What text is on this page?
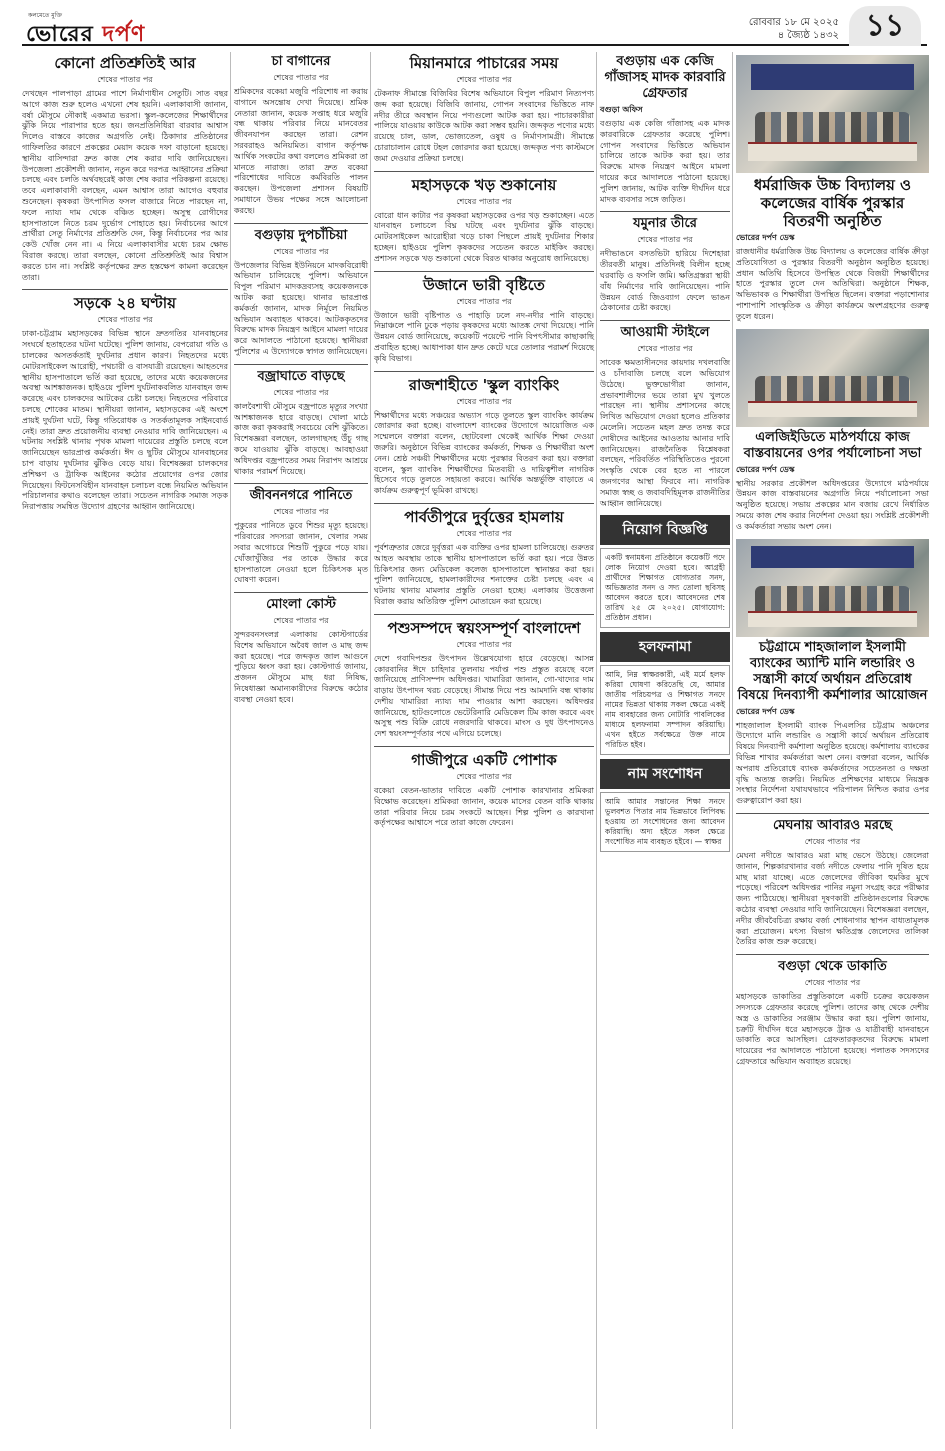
কলমেতে মুক্তি
ভোরের দর্পণ	রোববার ১৮ মে ২০২৫
৪ জ্যৈষ্ঠ ১৪৩২ ১১
কোনো প্রতিশ্রুতিই আর
শেষের পাতার পর
দেখছেন পালপাড়া গ্রামের পাশে নির্মাণাধীন সেতুটি। সাত বছর আগে কাজ শুরু হলেও এখনো শেষ হয়নি। এলাকাবাসী জানান, বর্ষা মৌসুমে নৌকাই একমাত্র ভরসা। স্কুল-কলেজের শিক্ষার্থীদের ঝুঁকি নিয়ে পারাপার হতে হয়। জনপ্রতিনিধিরা বারবার আশ্বাস দিলেও বাস্তবে কাজের অগ্রগতি নেই। ঠিকাদার প্রতিষ্ঠানের গাফিলতির কারণে প্রকল্পের মেয়াদ কয়েক দফা বাড়ানো হয়েছে। স্থানীয় বাসিন্দারা দ্রুত কাজ শেষ করার দাবি জানিয়েছেন। উপজেলা প্রকৌশলী জানান, নতুন করে দরপত্র আহ্বানের প্রক্রিয়া চলছে এবং চলতি অর্থবছরেই কাজ শেষ করার পরিকল্পনা রয়েছে। তবে এলাকাবাসী বলছেন, এমন আশ্বাস তারা আগেও বহুবার শুনেছেন। কৃষকরা উৎপাদিত ফসল বাজারে নিতে পারছেন না, ফলে ন্যায্য দাম থেকে বঞ্চিত হচ্ছেন। অসুস্থ রোগীদের হাসপাতালে নিতে চরম দুর্ভোগ পোহাতে হয়। নির্বাচনের আগে প্রার্থীরা সেতু নির্মাণের প্রতিশ্রুতি দেন, কিন্তু নির্বাচনের পর আর কেউ খোঁজ নেন না। এ নিয়ে এলাকাবাসীর মধ্যে চরম ক্ষোভ বিরাজ করছে। তারা বলছেন, কোনো প্রতিশ্রুতিই আর বিশ্বাস করতে চান না। সংশ্লিষ্ট কর্তৃপক্ষের দ্রুত হস্তক্ষেপ কামনা করেছেন তারা।
সড়কে ২৪ ঘণ্টায়
শেষের পাতার পর
ঢাকা-চট্টগ্রাম মহাসড়কের বিভিন্ন স্থানে দ্রুতগতির যানবাহনের সংঘর্ষে হতাহতের ঘটনা ঘটেছে। পুলিশ জানায়, বেপরোয়া গতি ও চালকের অসতর্কতাই দুর্ঘটনার প্রধান কারণ। নিহতদের মধ্যে মোটরসাইকেল আরোহী, পথচারী ও বাসযাত্রী রয়েছেন। আহতদের স্থানীয় হাসপাতালে ভর্তি করা হয়েছে, তাদের মধ্যে কয়েকজনের অবস্থা আশঙ্কাজনক। হাইওয়ে পুলিশ দুর্ঘটনাকবলিত যানবাহন জব্দ করেছে এবং চালকদের আটকের চেষ্টা চলছে। নিহতদের পরিবারে চলছে শোকের মাতম। স্থানীয়রা জানান, মহাসড়কের এই অংশে প্রায়ই দুর্ঘটনা ঘটে, কিন্তু গতিরোধক ও সতর্কতামূলক সাইনবোর্ড নেই। তারা দ্রুত প্রয়োজনীয় ব্যবস্থা নেওয়ার দাবি জানিয়েছেন। এ ঘটনায় সংশ্লিষ্ট থানায় পৃথক মামলা দায়েরের প্রস্তুতি চলছে বলে জানিয়েছেন ভারপ্রাপ্ত কর্মকর্তা। ঈদ ও ছুটির মৌসুমে যানবাহনের চাপ বাড়ায় দুর্ঘটনার ঝুঁকিও বেড়ে যায়। বিশেষজ্ঞরা চালকদের প্রশিক্ষণ ও ট্রাফিক আইনের কঠোর প্রয়োগের ওপর জোর দিয়েছেন। ফিটনেসবিহীন যানবাহন চলাচল বন্ধে নিয়মিত অভিযান পরিচালনার কথাও বলেছেন তারা। সচেতন নাগরিক সমাজ সড়ক নিরাপত্তায় সমন্বিত উদ্যোগ গ্রহণের আহ্বান জানিয়েছে।
চা বাগানের
শেষের পাতার পর
শ্রমিকদের বকেয়া মজুরি পরিশোধ না করায় বাগানে অসন্তোষ দেখা দিয়েছে। শ্রমিক নেতারা জানান, কয়েক সপ্তাহ ধরে মজুরি বন্ধ থাকায় পরিবার নিয়ে মানবেতর জীবনযাপন করছেন তারা। রেশন সরবরাহও অনিয়মিত। বাগান কর্তৃপক্ষ আর্থিক সংকটের কথা বললেও শ্রমিকরা তা মানতে নারাজ। তারা দ্রুত বকেয়া পরিশোধের দাবিতে কর্মবিরতি পালন করছেন। উপজেলা প্রশাসন বিষয়টি সমাধানে উভয় পক্ষের সঙ্গে আলোচনা করছে।
বগুড়ায় দুপচাঁচিয়া
শেষের পাতার পর
উপজেলার বিভিন্ন ইউনিয়নে মাদকবিরোধী অভিযান চালিয়েছে পুলিশ। অভিযানে বিপুল পরিমাণ মাদকদ্রব্যসহ কয়েকজনকে আটক করা হয়েছে। থানার ভারপ্রাপ্ত কর্মকর্তা জানান, মাদক নির্মূলে নিয়মিত অভিযান অব্যাহত থাকবে। আটককৃতদের বিরুদ্ধে মাদক নিয়ন্ত্রণ আইনে মামলা দায়ের করে আদালতে পাঠানো হয়েছে। স্থানীয়রা পুলিশের এ উদ্যোগকে স্বাগত জানিয়েছেন।
বজ্রাঘাতে বাড়ছে
শেষের পাতার পর
কালবৈশাখী মৌসুমে বজ্রপাতে মৃত্যুর সংখ্যা আশঙ্কাজনক হারে বাড়ছে। খোলা মাঠে কাজ করা কৃষকরাই সবচেয়ে বেশি ঝুঁকিতে। বিশেষজ্ঞরা বলছেন, তালগাছসহ উঁচু গাছ কমে যাওয়ায় ঝুঁকি বাড়ছে। আবহাওয়া অধিদপ্তর বজ্রপাতের সময় নিরাপদ আশ্রয়ে থাকার পরামর্শ দিয়েছে।
জীবননগরে পানিতে
শেষের পাতার পর
পুকুরের পানিতে ডুবে শিশুর মৃত্যু হয়েছে। পরিবারের সদস্যরা জানান, খেলার সময় সবার অগোচরে শিশুটি পুকুরে পড়ে যায়। খোঁজাখুঁজির পর তাকে উদ্ধার করে হাসপাতালে নেওয়া হলে চিকিৎসক মৃত ঘোষণা করেন।
মোংলা কোস্ট
শেষের পাতার পর
সুন্দরবনসংলগ্ন এলাকায় কোস্টগার্ডের বিশেষ অভিযানে অবৈধ জাল ও মাছ জব্দ করা হয়েছে। পরে জব্দকৃত জাল আগুনে পুড়িয়ে ধ্বংস করা হয়। কোস্টগার্ড জানায়, প্রজনন মৌসুমে মাছ ধরা নিষিদ্ধ, নিষেধাজ্ঞা অমান্যকারীদের বিরুদ্ধে কঠোর ব্যবস্থা নেওয়া হবে।
মিয়ানমারে পাচারের সময়
শেষের পাতার পর
টেকনাফ সীমান্তে বিজিবির বিশেষ অভিযানে বিপুল পরিমাণ নিত্যপণ্য জব্দ করা হয়েছে। বিজিবি জানায়, গোপন সংবাদের ভিত্তিতে নাফ নদীর তীরে অবস্থান নিয়ে পণ্যগুলো আটক করা হয়। পাচারকারীরা পালিয়ে যাওয়ায় কাউকে আটক করা সম্ভব হয়নি। জব্দকৃত পণ্যের মধ্যে রয়েছে চাল, ডাল, ভোজ্যতেল, ওষুধ ও নির্মাণসামগ্রী। সীমান্তে চোরাচালান রোধে টহল জোরদার করা হয়েছে। জব্দকৃত পণ্য কাস্টমসে জমা দেওয়ার প্রক্রিয়া চলছে।
মহাসড়কে খড় শুকানোয়
শেষের পাতার পর
বোরো ধান কাটার পর কৃষকরা মহাসড়কের ওপর খড় শুকাচ্ছেন। এতে যানবাহন চলাচলে বিঘ্ন ঘটছে এবং দুর্ঘটনার ঝুঁকি বাড়ছে। মোটরসাইকেল আরোহীরা খড়ে চাকা পিছলে প্রায়ই দুর্ঘটনার শিকার হচ্ছেন। হাইওয়ে পুলিশ কৃষকদের সচেতন করতে মাইকিং করছে। প্রশাসন সড়কে খড় শুকানো থেকে বিরত থাকার অনুরোধ জানিয়েছে।
উজানে ভারী বৃষ্টিতে
শেষের পাতার পর
উজানে ভারী বৃষ্টিপাত ও পাহাড়ি ঢলে নদ-নদীর পানি বাড়ছে। নিম্নাঞ্চলে পানি ঢুকে পড়ায় কৃষকদের মধ্যে আতঙ্ক দেখা দিয়েছে। পানি উন্নয়ন বোর্ড জানিয়েছে, কয়েকটি পয়েন্টে পানি বিপৎসীমার কাছাকাছি প্রবাহিত হচ্ছে। আধাপাকা ধান দ্রুত কেটে ঘরে তোলার পরামর্শ দিয়েছে কৃষি বিভাগ।
রাজশাহীতে 'স্কুল ব্যাংকিং
শেষের পাতার পর
শিক্ষার্থীদের মধ্যে সঞ্চয়ের অভ্যাস গড়ে তুলতে স্কুল ব্যাংকিং কার্যক্রম জোরদার করা হচ্ছে। বাংলাদেশ ব্যাংকের উদ্যোগে আয়োজিত এক সম্মেলনে বক্তারা বলেন, ছোটবেলা থেকেই আর্থিক শিক্ষা দেওয়া জরুরি। অনুষ্ঠানে বিভিন্ন ব্যাংকের কর্মকর্তা, শিক্ষক ও শিক্ষার্থীরা অংশ নেন। শ্রেষ্ঠ সঞ্চয়ী শিক্ষার্থীদের মধ্যে পুরস্কার বিতরণ করা হয়। বক্তারা বলেন, স্কুল ব্যাংকিং শিক্ষার্থীদের মিতব্যয়ী ও দায়িত্বশীল নাগরিক হিসেবে গড়ে তুলতে সহায়তা করবে। আর্থিক অন্তর্ভুক্তি বাড়াতে এ কার্যক্রম গুরুত্বপূর্ণ ভূমিকা রাখছে।
পার্বতীপুরে দুর্বৃত্তের হামলায়
শেষের পাতার পর
পূর্বশত্রুতার জেরে দুর্বৃত্তরা এক ব্যক্তির ওপর হামলা চালিয়েছে। গুরুতর আহত অবস্থায় তাকে স্থানীয় হাসপাতালে ভর্তি করা হয়। পরে উন্নত চিকিৎসার জন্য মেডিকেল কলেজ হাসপাতালে স্থানান্তর করা হয়। পুলিশ জানিয়েছে, হামলাকারীদের শনাক্তের চেষ্টা চলছে এবং এ ঘটনায় থানায় মামলার প্রস্তুতি নেওয়া হচ্ছে। এলাকায় উত্তেজনা বিরাজ করায় অতিরিক্ত পুলিশ মোতায়েন করা হয়েছে।
পশুসম্পদে স্বয়ংসম্পূর্ণ বাংলাদেশ
শেষের পাতার পর
দেশে গবাদিপশুর উৎপাদন উল্লেখযোগ্য হারে বেড়েছে। আসন্ন কোরবানির ঈদে চাহিদার তুলনায় পর্যাপ্ত পশু প্রস্তুত রয়েছে বলে জানিয়েছে প্রাণিসম্পদ অধিদপ্তর। খামারিরা জানান, গো-খাদ্যের দাম বাড়ায় উৎপাদন খরচ বেড়েছে। সীমান্ত দিয়ে পশু আমদানি বন্ধ থাকায় দেশীয় খামারিরা ন্যায্য দাম পাওয়ার আশা করছেন। অধিদপ্তর জানিয়েছে, হাটগুলোতে ভেটেরিনারি মেডিকেল টিম কাজ করবে এবং অসুস্থ পশু বিক্রি রোধে নজরদারি থাকবে। মাংস ও দুধ উৎপাদনেও দেশ স্বয়ংসম্পূর্ণতার পথে এগিয়ে চলেছে।
গাজীপুরে একটি পোশাক
শেষের পাতার পর
বকেয়া বেতন-ভাতার দাবিতে একটি পোশাক কারখানার শ্রমিকরা বিক্ষোভ করেছেন। শ্রমিকরা জানান, কয়েক মাসের বেতন বাকি থাকায় তারা পরিবার নিয়ে চরম সংকটে আছেন। শিল্প পুলিশ ও কারখানা কর্তৃপক্ষের আশ্বাসে পরে তারা কাজে ফেরেন।
বগুড়ায় এক কেজি গাঁজাসহ মাদক কারবারি গ্রেফতার
বগুড়া অফিস
বগুড়ায় এক কেজি গাঁজাসহ এক মাদক কারবারিকে গ্রেফতার করেছে পুলিশ। গোপন সংবাদের ভিত্তিতে অভিযান চালিয়ে তাকে আটক করা হয়। তার বিরুদ্ধে মাদক নিয়ন্ত্রণ আইনে মামলা দায়ের করে আদালতে পাঠানো হয়েছে। পুলিশ জানায়, আটক ব্যক্তি দীর্ঘদিন ধরে মাদক ব্যবসার সঙ্গে জড়িত।
যমুনার তীরে
শেষের পাতার পর
নদীভাঙনে বসতভিটা হারিয়ে দিশেহারা তীরবর্তী মানুষ। প্রতিদিনই বিলীন হচ্ছে ঘরবাড়ি ও ফসলি জমি। ক্ষতিগ্রস্তরা স্থায়ী বাঁধ নির্মাণের দাবি জানিয়েছেন। পানি উন্নয়ন বোর্ড জিওব্যাগ ফেলে ভাঙন ঠেকানোর চেষ্টা করছে।
আওয়ামী স্টাইলে
শেষের পাতার পর
সাবেক ক্ষমতাসীনদের কায়দায় দখলবাজি ও চাঁদাবাজি চলছে বলে অভিযোগ উঠেছে। ভুক্তভোগীরা জানান, প্রভাবশালীদের ভয়ে তারা মুখ খুলতে পারছেন না। স্থানীয় প্রশাসনের কাছে লিখিত অভিযোগ দেওয়া হলেও প্রতিকার মেলেনি। সচেতন মহল দ্রুত তদন্ত করে দোষীদের আইনের আওতায় আনার দাবি জানিয়েছেন। রাজনৈতিক বিশ্লেষকরা বলছেন, পরিবর্তিত পরিস্থিতিতেও পুরনো সংস্কৃতি থেকে বের হতে না পারলে জনগণের আস্থা ফিরবে না। নাগরিক সমাজ স্বচ্ছ ও জবাবদিহিমূলক রাজনীতির আহ্বান জানিয়েছে।
নিয়োগ বিজ্ঞপ্তি
একটি স্বনামধন্য প্রতিষ্ঠানে কয়েকটি পদে লোক নিয়োগ দেওয়া হবে। আগ্রহী প্রার্থীদের শিক্ষাগত যোগ্যতার সনদ, অভিজ্ঞতার সনদ ও সদ্য তোলা ছবিসহ আবেদন করতে হবে। আবেদনের শেষ তারিখ ২৫ মে ২০২৫। যোগাযোগ: প্রতিষ্ঠান প্রধান।
হলফনামা
আমি, নিম্ন স্বাক্ষরকারী, এই মর্মে হলফ করিয়া ঘোষণা করিতেছি যে, আমার জাতীয় পরিচয়পত্র ও শিক্ষাগত সনদে নামের ভিন্নতা থাকায় সকল ক্ষেত্রে একই নাম ব্যবহারের জন্য নোটারি পাবলিকের মাধ্যমে হলফনামা সম্পাদন করিয়াছি। এখন হইতে সর্বক্ষেত্রে উক্ত নামে পরিচিত হইব।
নাম সংশোধন
আমি আমার সন্তানের শিক্ষা সনদে ভুলবশত পিতার নাম ভিন্নভাবে লিপিবদ্ধ হওয়ায় তা সংশোধনের জন্য আবেদন করিয়াছি। অদ্য হইতে সকল ক্ষেত্রে সংশোধিত নাম ব্যবহৃত হইবে। — স্বাক্ষর
ধর্মরাজিক উচ্চ বিদ্যালয় ও কলেজের বার্ষিক পুরস্কার বিতরণী অনুষ্ঠিত
ভোরের দর্পণ ডেস্ক
রাজধানীর ধর্মরাজিক উচ্চ বিদ্যালয় ও কলেজের বার্ষিক ক্রীড়া প্রতিযোগিতা ও পুরস্কার বিতরণী অনুষ্ঠান অনুষ্ঠিত হয়েছে। প্রধান অতিথি হিসেবে উপস্থিত থেকে বিজয়ী শিক্ষার্থীদের হাতে পুরস্কার তুলে দেন অতিথিরা। অনুষ্ঠানে শিক্ষক, অভিভাবক ও শিক্ষার্থীরা উপস্থিত ছিলেন। বক্তারা পড়াশোনার পাশাপাশি সাংস্কৃতিক ও ক্রীড়া কার্যক্রমে অংশগ্রহণের গুরুত্ব তুলে ধরেন।
এলজিইডিতে মাঠপর্যায়ে কাজ বাস্তবায়নের ওপর পর্যালোচনা সভা
ভোরের দর্পণ ডেস্ক
স্থানীয় সরকার প্রকৌশল অধিদপ্তরের উদ্যোগে মাঠপর্যায়ে উন্নয়ন কাজ বাস্তবায়নের অগ্রগতি নিয়ে পর্যালোচনা সভা অনুষ্ঠিত হয়েছে। সভায় প্রকল্পের মান বজায় রেখে নির্ধারিত সময়ে কাজ শেষ করার নির্দেশনা দেওয়া হয়। সংশ্লিষ্ট প্রকৌশলী ও কর্মকর্তারা সভায় অংশ নেন।
চট্টগ্রামে শাহজালাল ইসলামী ব্যাংকের অ্যান্টি মানি লন্ডারিং ও সন্ত্রাসী কার্যে অর্থায়ন প্রতিরোধ বিষয়ে দিনব্যাপী কর্মশালার আয়োজন
ভোরের দর্পণ ডেস্ক
শাহজালাল ইসলামী ব্যাংক পিএলসির চট্টগ্রাম অঞ্চলের উদ্যোগে মানি লন্ডারিং ও সন্ত্রাসী কার্যে অর্থায়ন প্রতিরোধ বিষয়ে দিনব্যাপী কর্মশালা অনুষ্ঠিত হয়েছে। কর্মশালায় ব্যাংকের বিভিন্ন শাখার কর্মকর্তারা অংশ নেন। বক্তারা বলেন, আর্থিক অপরাধ প্রতিরোধে ব্যাংক কর্মকর্তাদের সচেতনতা ও দক্ষতা বৃদ্ধি অত্যন্ত জরুরি। নিয়মিত প্রশিক্ষণের মাধ্যমে নিয়ন্ত্রক সংস্থার নির্দেশনা যথাযথভাবে পরিপালন নিশ্চিত করার ওপর গুরুত্বারোপ করা হয়।
মেঘনায় আবারও মরছে
শেষের পাতার পর
মেঘনা নদীতে আবারও মরা মাছ ভেসে উঠছে। জেলেরা জানান, শিল্পকারখানার বর্জ্য নদীতে ফেলায় পানি দূষিত হয়ে মাছ মারা যাচ্ছে। এতে জেলেদের জীবিকা হুমকির মুখে পড়েছে। পরিবেশ অধিদপ্তর পানির নমুনা সংগ্রহ করে পরীক্ষার জন্য পাঠিয়েছে। স্থানীয়রা দূষণকারী প্রতিষ্ঠানগুলোর বিরুদ্ধে কঠোর ব্যবস্থা নেওয়ার দাবি জানিয়েছেন। বিশেষজ্ঞরা বলছেন, নদীর জীববৈচিত্র্য রক্ষায় বর্জ্য শোধনাগার স্থাপন বাধ্যতামূলক করা প্রয়োজন। মৎস্য বিভাগ ক্ষতিগ্রস্ত জেলেদের তালিকা তৈরির কাজ শুরু করেছে।
বগুড়া থেকে ডাকাতি
শেষের পাতার পর
মহাসড়কে ডাকাতির প্রস্তুতিকালে একটি চক্রের কয়েকজন সদস্যকে গ্রেফতার করেছে পুলিশ। তাদের কাছ থেকে দেশীয় অস্ত্র ও ডাকাতির সরঞ্জাম উদ্ধার করা হয়। পুলিশ জানায়, চক্রটি দীর্ঘদিন ধরে মহাসড়কে ট্রাক ও যাত্রীবাহী যানবাহনে ডাকাতি করে আসছিল। গ্রেফতারকৃতদের বিরুদ্ধে মামলা দায়েরের পর আদালতে পাঠানো হয়েছে। পলাতক সদস্যদের গ্রেফতারে অভিযান অব্যাহত রয়েছে।
